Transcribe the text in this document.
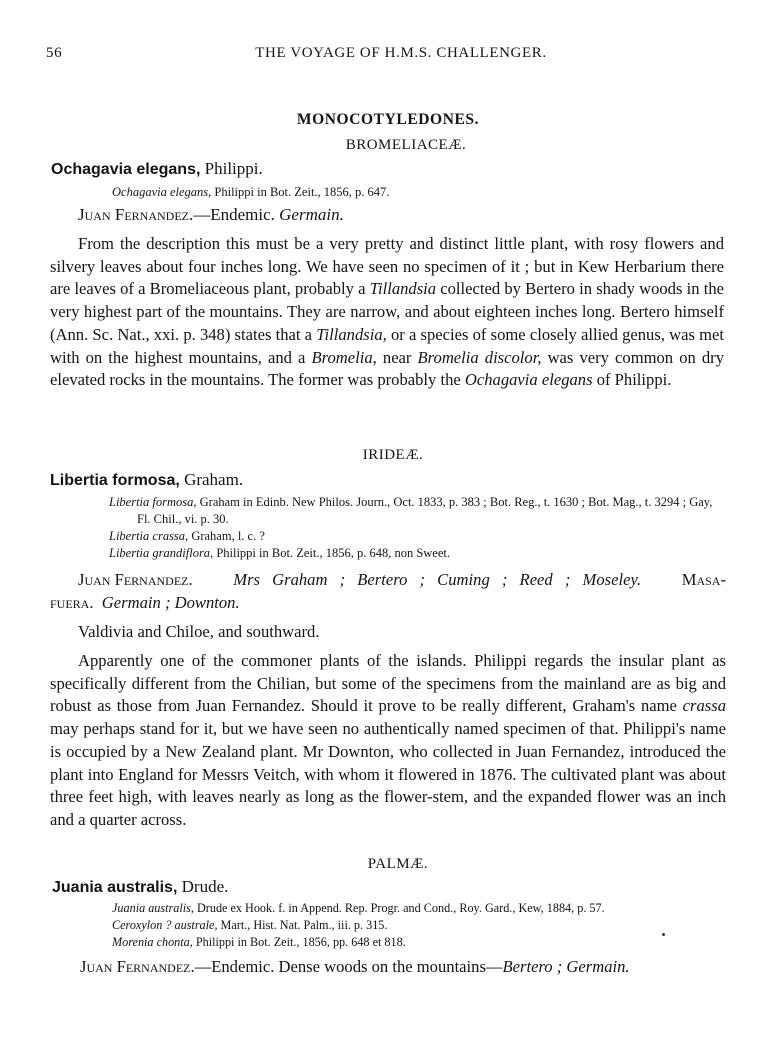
56	THE VOYAGE OF H.M.S. CHALLENGER.
MONOCOTYLEDONES.
BROMELIACEÆ.
Ochagavia elegans, Philippi.
Ochagavia elegans, Philippi in Bot. Zeit., 1856, p. 647.
Juan Fernandez.—Endemic. Germain.

From the description this must be a very pretty and distinct little plant, with rosy flowers and silvery leaves about four inches long. We have seen no specimen of it ; but in Kew Herbarium there are leaves of a Bromeliaceous plant, probably a Tillandsia collected by Bertero in shady woods in the very highest part of the mountains. They are narrow, and about eighteen inches long. Bertero himself (Ann. Sc. Nat., xxi. p. 348) states that a Tillandsia, or a species of some closely allied genus, was met with on the highest mountains, and a Bromelia, near Bromelia discolor, was very common on dry elevated rocks in the mountains. The former was probably the Ochagavia elegans of Philippi.

IRIDEÆ.
Libertia formosa, Graham.
Libertia formosa, Graham in Edinb. New Philos. Journ., Oct. 1833, p. 383 ; Bot. Reg., t. 1630 ; Bot. Mag., t. 3294 ; Gay, Fl. Chil., vi. p. 30.
Libertia crassa, Graham, l. c. ?
Libertia grandiflora, Philippi in Bot. Zeit., 1856, p. 648, non Sweet.
Juan Fernandez. Mrs Graham ; Bertero ; Cuming ; Reed ; Moseley. Masa-
fuera. Germain ; Downton.
Valdivia and Chiloe, and southward.

Apparently one of the commoner plants of the islands. Philippi regards the insular plant as specifically different from the Chilian, but some of the specimens from the mainland are as big and robust as those from Juan Fernandez. Should it prove to be really different, Graham's name crassa may perhaps stand for it, but we have seen no authentically named specimen of that. Philippi's name is occupied by a New Zealand plant. Mr Downton, who collected in Juan Fernandez, introduced the plant into England for Messrs Veitch, with whom it flowered in 1876. The cultivated plant was about three feet high, with leaves nearly as long as the flower-stem, and the expanded flower was an inch and a quarter across.

PALMÆ.
Juania australis, Drude.
Juania australis, Drude ex Hook. f. in Append. Rep. Progr. and Cond., Roy. Gard., Kew, 1884, p. 57.
Ceroxylon ? australe, Mart., Hist. Nat. Palm., iii. p. 315.
Morenia chonta, Philippi in Bot. Zeit., 1856, pp. 648 et 818.
Juan Fernandez.—Endemic. Dense woods on the mountains—Bertero ; Germain.
